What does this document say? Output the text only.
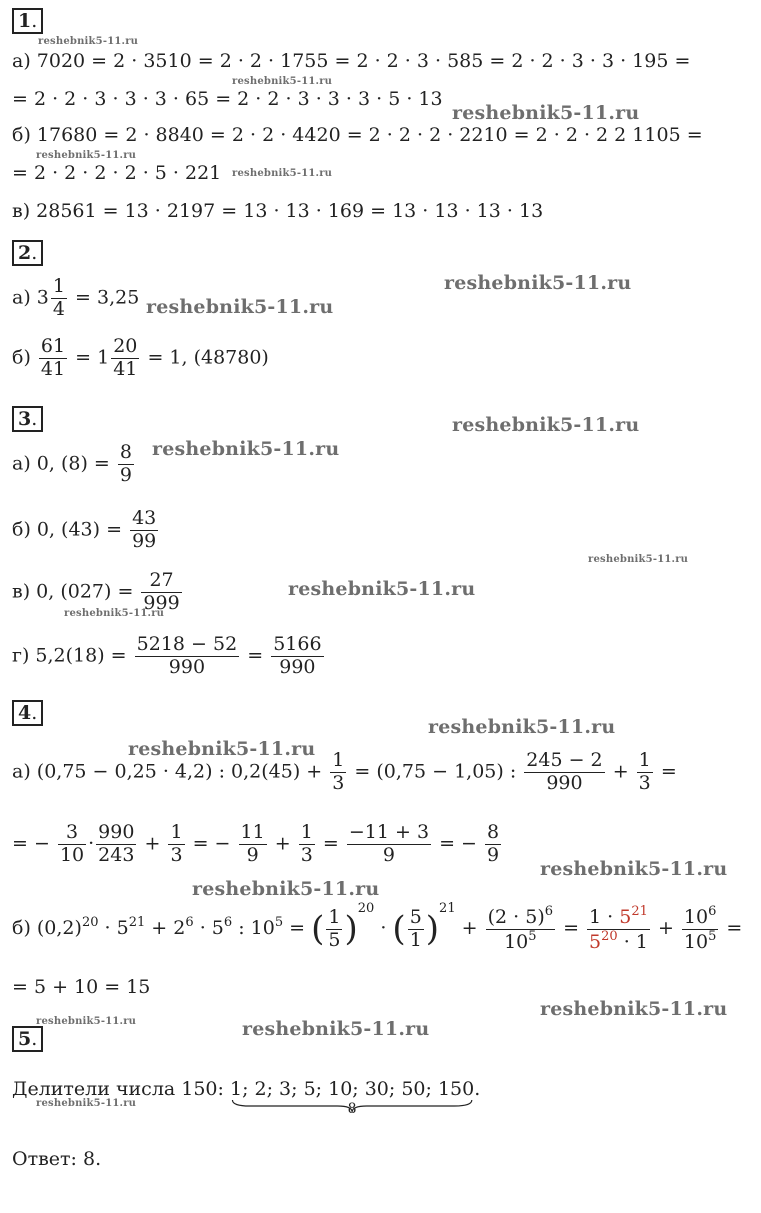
1.
а) 7020 = 2 · 3510 = 2 · 2 · 1755 = 2 · 2 · 3 · 585 = 2 · 2 · 3 · 3 · 195 =
= 2 · 2 · 3 · 3 · 3 · 65 = 2 · 2 · 3 · 3 · 3 · 5 · 13
б) 17680 = 2 · 8840 = 2 · 2 · 4420 = 2 · 2 · 2 · 2210 = 2 · 2 · 2 2 1105 =
= 2 · 2 · 2 · 2 · 5 · 221
в) 28561 = 13 · 2197 = 13 · 13 · 169 = 13 · 13 · 13 · 13
2.
а) $3 \frac{1}{4} = 3,25$
$б) \frac{61}{41} = 1 \frac{20}{41} = 1$, (48780)
3.
а) 0, $(8) = \frac{8}{9}$
б) 0, $(43) = \frac{43}{99}$
в) 0, $(027) = \frac{27}{999}$
г) $5,2(18) = \frac{5218 - 52}{990} = \frac{5166}{990}$
4.
а) (0,75 − 0,25 · 4,2) : $0,2(45) + \frac{1}{3} = (0,75 - 1,05)$ : $\frac{245 - 2}{990} + \frac{1}{3}$ =
= − $\frac{3}{10} \cdot \frac{990}{243} + \frac{1}{3}$ = − $\frac{11}{9} + \frac{1}{3} = \frac{-11 + 3}{9}$ = − $\frac{8}{9}$
б) $(0,2)^{20} \cdot 5^{21} + 2^6 \cdot 5^6$ : $10^5$ = ( $\frac{1}{5} )^{20}$ · ( $\frac{5}{1} )^{21} + \frac{(2 \cdot 5)^6}{10^5} = \frac{1 \cdot 5^{21}}{5^{20} \cdot 1} + \frac{10^6}{10^5}$ =
= 5 + 10 = 15
5.
Делители числа 150: 1; 2; 3; 5; 10; 30; 50; 150
8
.
Ответ: 8.
reshebnik5-11.ru
reshebnik5-11.ru
reshebnik5-11.ru
reshebnik5-11.ru
reshebnik5-11.ru
reshebnik5-11.ru
reshebnik5-11.ru
reshebnik5-11.ru
reshebnik5-11.ru
reshebnik5-11.ru
reshebnik5-11.ru
reshebnik5-11.ru
reshebnik5-11.ru
reshebnik5-11.ru
reshebnik5-11.ru
reshebnik5-11.ru
reshebnik5-11.ru
reshebnik5-11.ru	reshebnik5-11.ru
reshebnik5-11.ru
